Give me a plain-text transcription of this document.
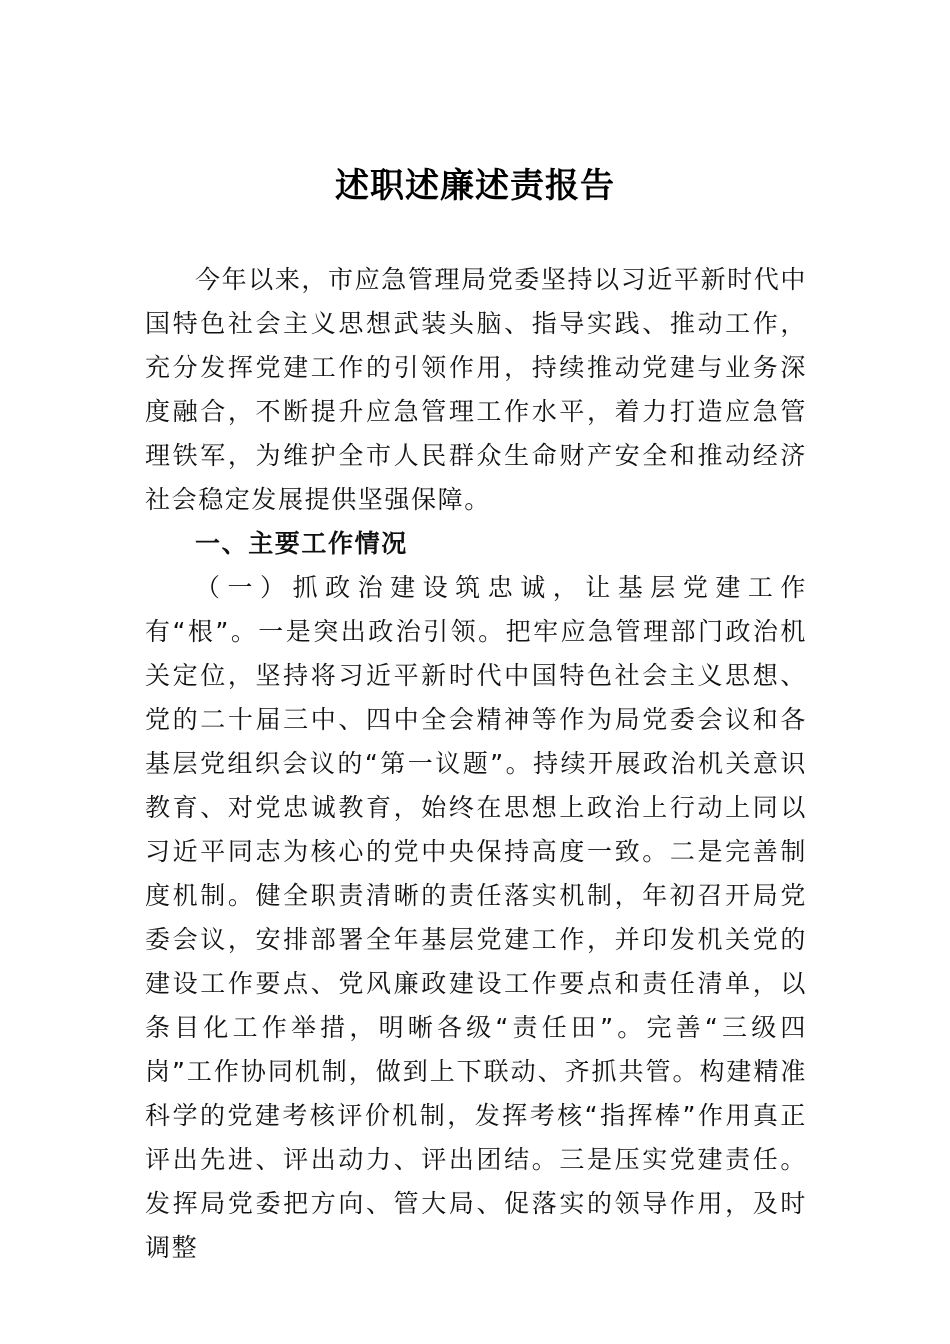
述职述廉述责报告

今年以来，市应急管理局党委坚持以习近平新时代中国特色社会主义思想武装头脑、指导实践、推动工作，充分发挥党建工作的引领作用，持续推动党建与业务深度融合，不断提升应急管理工作水平，着力打造应急管理铁军，为维护全市人民群众生命财产安全和推动经济社会稳定发展提供坚强保障。

一、主要工作情况

（一）抓政治建设筑忠诚，让基层党建工作有“根”。一是突出政治引领。把牢应急管理部门政治机关定位，坚持将习近平新时代中国特色社会主义思想、党的二十届三中、四中全会精神等作为局党委会议和各基层党组织会议的“第一议题”。持续开展政治机关意识教育、对党忠诚教育，始终在思想上政治上行动上同以习近平同志为核心的党中央保持高度一致。二是完善制度机制。健全职责清晰的责任落实机制，年初召开局党委会议，安排部署全年基层党建工作，并印发机关党的建设工作要点、党风廉政建设工作要点和责任清单，以条目化工作举措，明晰各级“责任田”。完善“三级四岗”工作协同机制，做到上下联动、齐抓共管。构建精准科学的党建考核评价机制，发挥考核“指挥棒”作用真正评出先进、评出动力、评出团结。三是压实党建责任。发挥局党委把方向、管大局、促落实的领导作用，及时调整
